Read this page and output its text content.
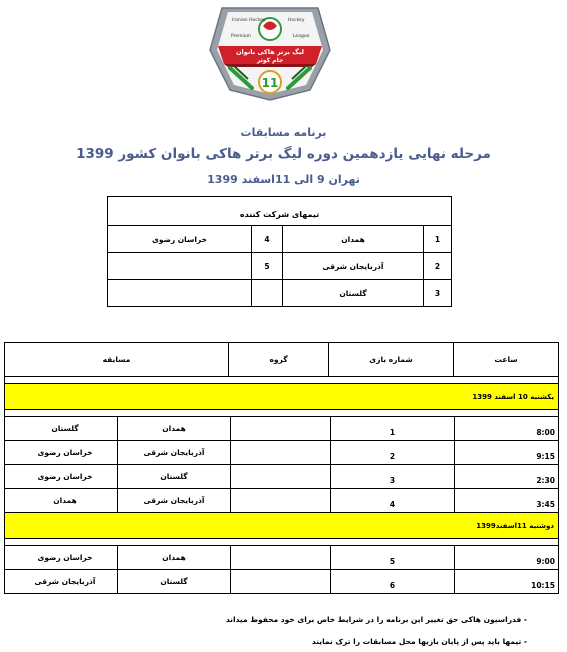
Iranian Hockey	Hockey
Premium	League
لیگ برتر هاکی بانوان
جام کوثر
11
برنامه مسابقات
مرحله نهایی یازدهمین دوره لیگ برتر هاکی بانوان کشور 1399
تهران 9 الی 11اسفند 1399
تیمهای شرکت کننده
1
همدان
4
خراسان رضوی
2
آذربایجان شرقی
5
3
گلستان
ساعت
شماره بازی
گروه
مسابقه
یکشنبه 10 اسفند 1399
8:00
1
همدان
گلستان
9:15
2
آذربایجان شرقی
خراسان رضوی
2:30
3
گلستان
خراسان رضوی
3:45
4
آذربایجان شرقی
همدان
دوشنبه 11اسفند1399
9:00
5
همدان
خراسان رضوی
10:15
6
گلستان
آذربایجان شرقی
- فدراسیون هاکی حق تغییر این برنامه را در شرایط خاص برای خود محفوظ میداند
- تیمها باید پس از پایان بازیها محل مسابقات را ترک نمایند
